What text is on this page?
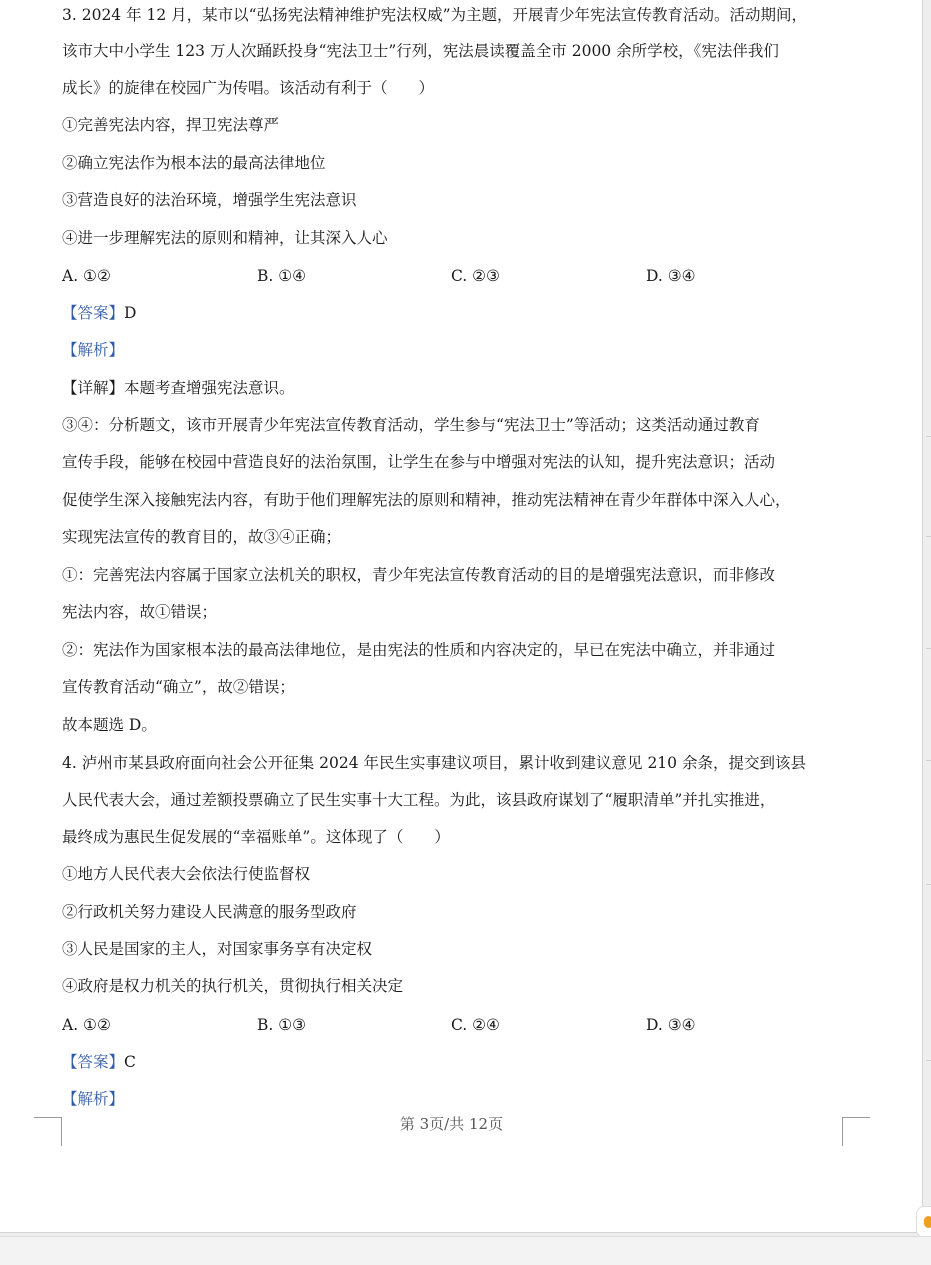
3. 2024 年 12 月，某市以“弘扬宪法精神维护宪法权威”为主题，开展青少年宪法宣传教育活动。活动期间，
该市大中小学生 123 万人次踊跃投身“宪法卫士”行列，宪法晨读覆盖全市 2000 余所学校，《宪法伴我们
成长》的旋律在校园广为传唱。该活动有利于（　　）
①完善宪法内容，捍卫宪法尊严
②确立宪法作为根本法的最高法律地位
③营造良好的法治环境，增强学生宪法意识
④进一步理解宪法的原则和精神，让其深入人心
A. ①②	B. ①④	C. ②③	D. ③④
【答案】D
【解析】
【详解】本题考查增强宪法意识。
③④：分析题文，该市开展青少年宪法宣传教育活动，学生参与“宪法卫士”等活动；这类活动通过教育
宣传手段，能够在校园中营造良好的法治氛围，让学生在参与中增强对宪法的认知，提升宪法意识；活动
促使学生深入接触宪法内容，有助于他们理解宪法的原则和精神，推动宪法精神在青少年群体中深入人心，
实现宪法宣传的教育目的，故③④正确；
①：完善宪法内容属于国家立法机关的职权，青少年宪法宣传教育活动的目的是增强宪法意识，而非修改
宪法内容，故①错误；
②：宪法作为国家根本法的最高法律地位，是由宪法的性质和内容决定的，早已在宪法中确立，并非通过
宣传教育活动“确立”，故②错误；
故本题选 D。
4. 泸州市某县政府面向社会公开征集 2024 年民生实事建议项目，累计收到建议意见 210 余条，提交到该县
人民代表大会，通过差额投票确立了民生实事十大工程。为此，该县政府谋划了“履职清单”并扎实推进，
最终成为惠民生促发展的“幸福账单”。这体现了（　　）
①地方人民代表大会依法行使监督权
②行政机关努力建设人民满意的服务型政府
③人民是国家的主人，对国家事务享有决定权
④政府是权力机关的执行机关，贯彻执行相关决定
A. ①②	B. ①③	C. ②④	D. ③④
【答案】C
【解析】
第 3页/共 12页
